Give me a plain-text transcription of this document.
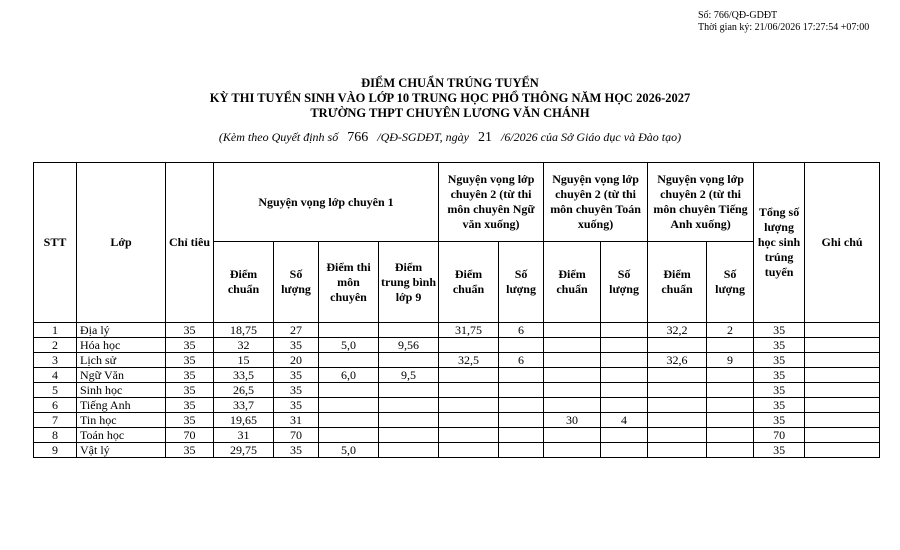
Số: 766/QĐ-GDĐT
Thời gian ký: 21/06/2026 17:27:54 +07:00
ĐIỂM CHUẨN TRÚNG TUYỂN
KỲ THI TUYỂN SINH VÀO LỚP 10 TRUNG HỌC PHỔ THÔNG NĂM HỌC 2026-2027
TRƯỜNG THPT CHUYÊN LƯƠNG VĂN CHÁNH
(Kèm theo Quyết định số 766 /QĐ-SGDĐT, ngày 21 /6/2026 của Sở Giáo dục và Đào tạo)
STT	Lớp	Chỉ tiêu	Nguyện vọng lớp chuyên 1				Nguyện vọng lớp chuyên 2 (từ thi môn chuyên Ngữ văn xuống)		Nguyện vọng lớp chuyên 2 (từ thi môn chuyên Toán xuống)		Nguyện vọng lớp chuyên 2 (từ thi môn chuyên Tiếng Anh xuống)		Tổng số lượng học sinh trúng tuyển	Ghi chú
			Điểm chuẩn	Số lượng	Điểm thi môn chuyên	Điểm trung bình lớp 9	Điểm chuẩn	Số lượng	Điểm chuẩn	Số lượng	Điểm chuẩn	Số lượng		
1	Địa lý	35	18,75	27			31,75	6			32,2	2	35	
2	Hóa học	35	32	35	5,0	9,56							35	
3	Lịch sử	35	15	20			32,5	6			32,6	9	35	
4	Ngữ Văn	35	33,5	35	6,0	9,5							35	
5	Sinh học	35	26,5	35									35	
6	Tiếng Anh	35	33,7	35									35	
7	Tin học	35	19,65	31					30	4			35	
8	Toán học	70	31	70									70	
9	Vật lý	35	29,75	35	5,0								35	
